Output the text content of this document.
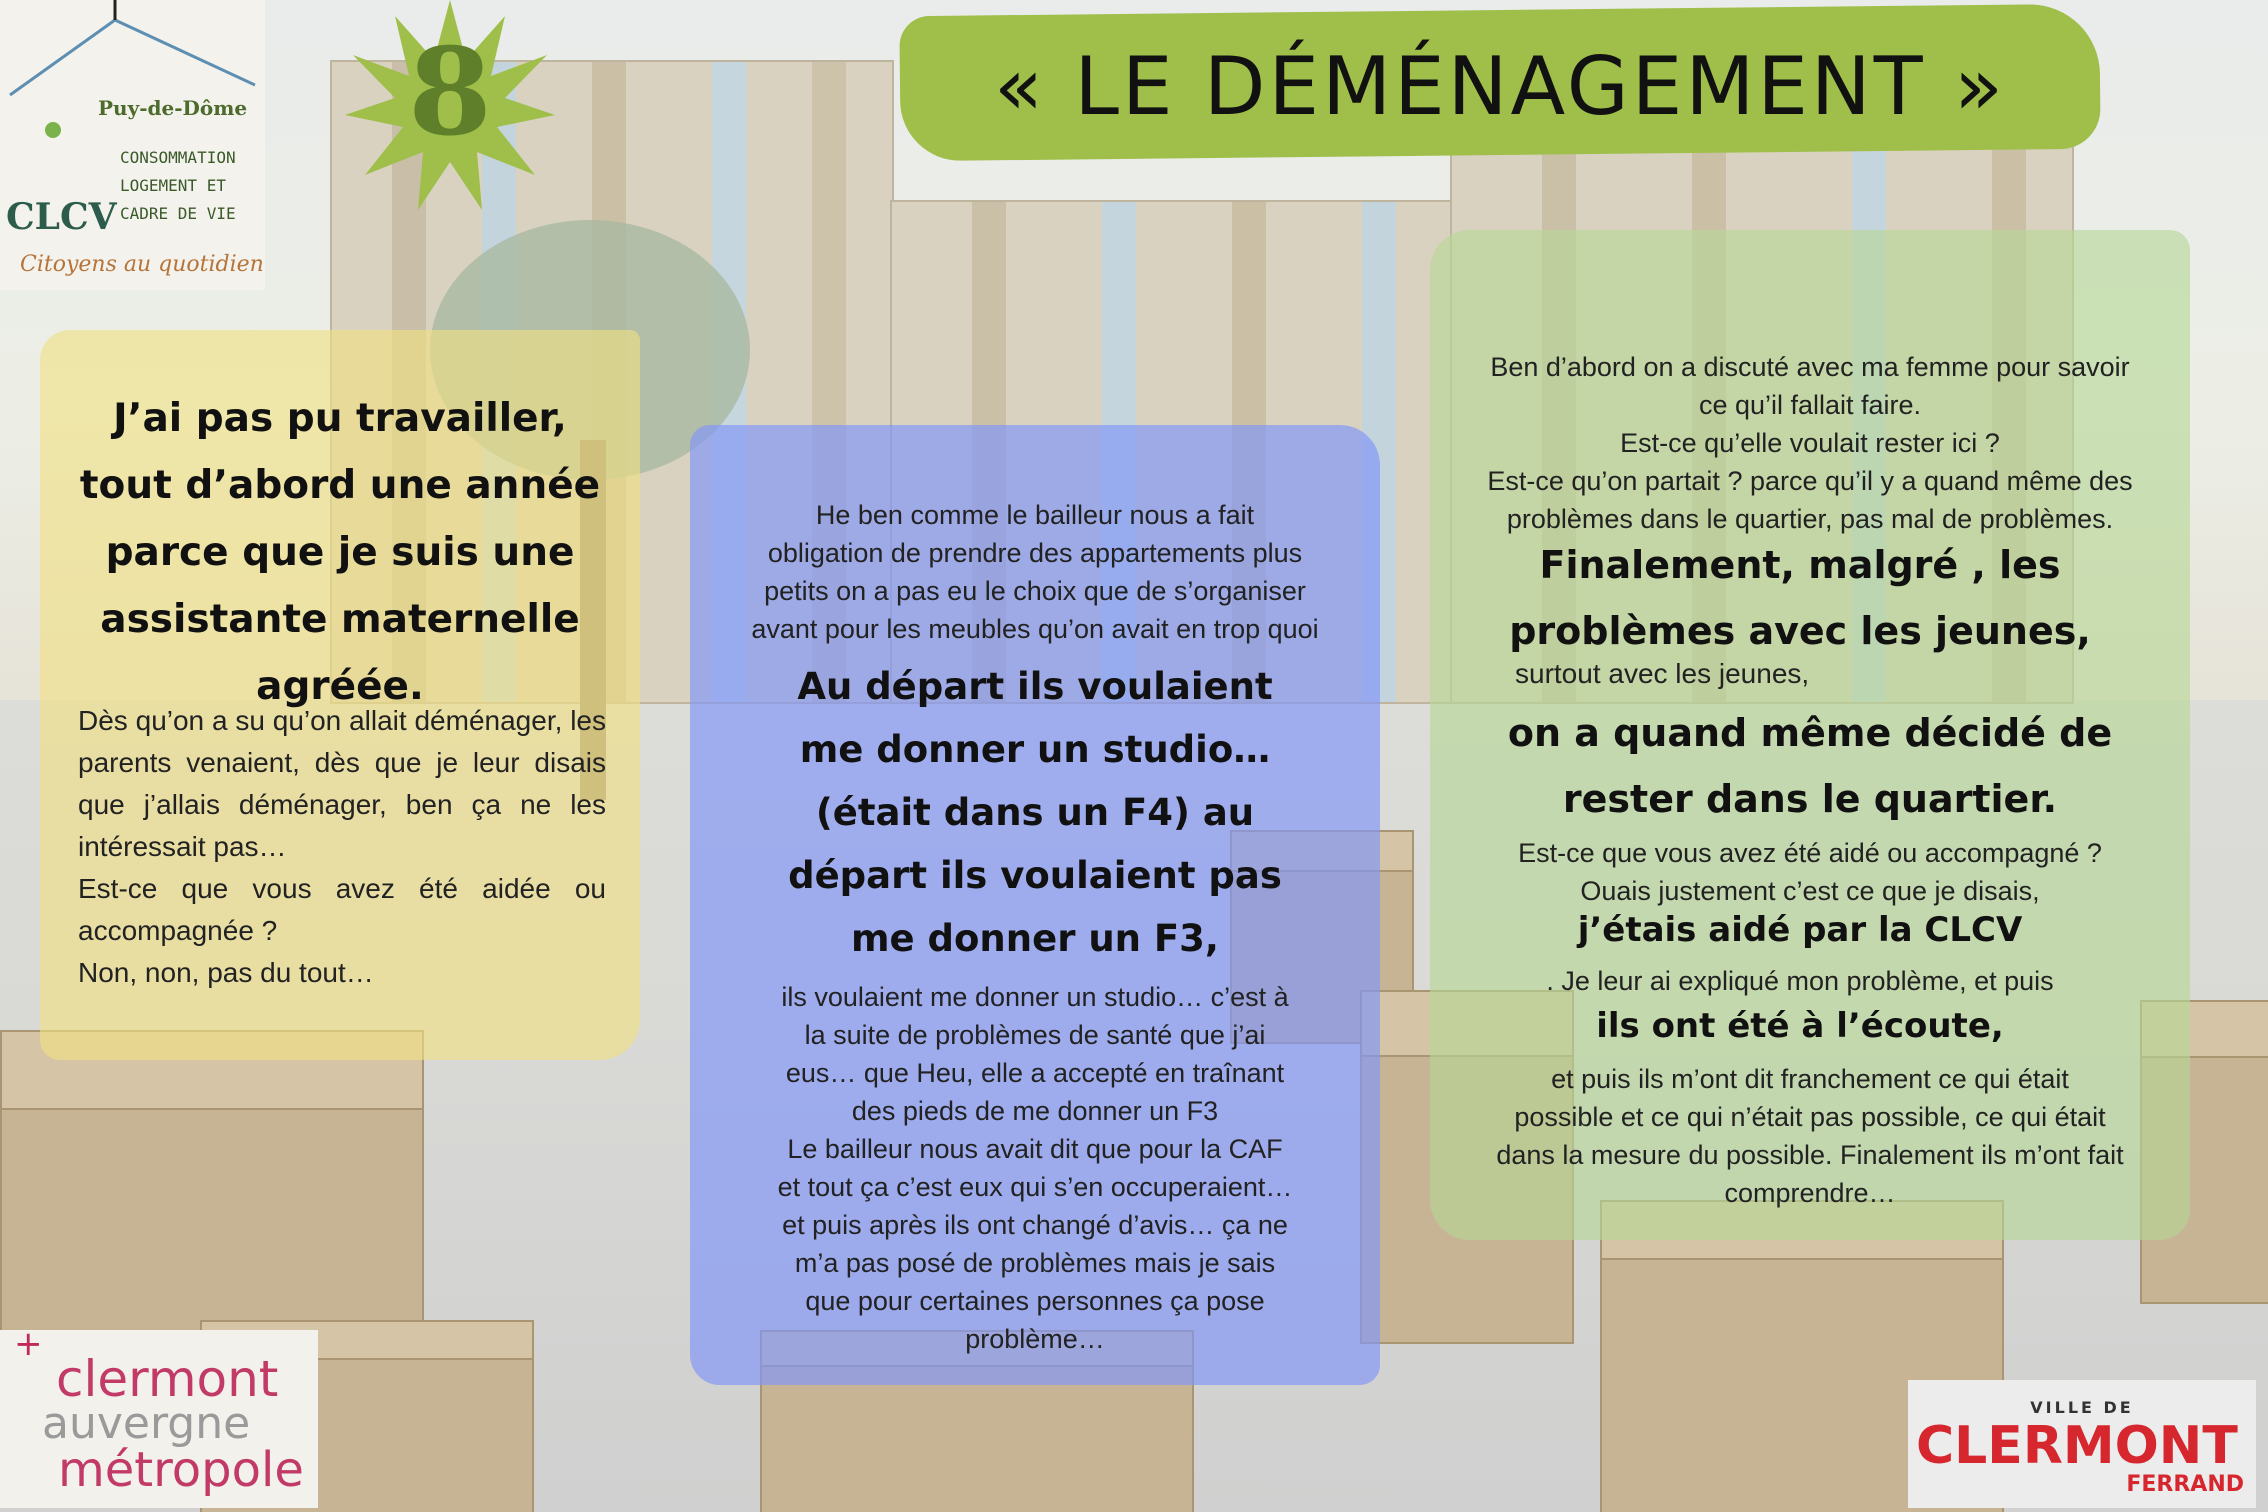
« LE DÉMÉNAGEMENT »
8
Puy-de-Dôme
CONSOMMATION
LOGEMENT ET
CLCV CADRE DE VIE
Citoyens au quotidien
+
clermont
auvergne
métropole
VILLE DE
CLERMONT
FERRAND
J’ai pas pu travailler,
tout d’abord une année
parce que je suis une
assistante maternelle
agréée.
Dès qu’on a su qu’on allait déménager, les parents venaient, dès que je leur disais que j’allais déménager, ben ça ne les intéressait pas…
Est-ce que vous avez été aidée ou accompagnée ?
Non, non, pas du tout…
He ben comme le bailleur nous a fait
obligation de prendre des appartements plus
petits on a pas eu le choix que de s’organiser
avant pour les meubles qu’on avait en trop quoi
Au départ ils voulaient
me donner un studio…
(était dans un F4) au
départ ils voulaient pas
me donner un F3,
ils voulaient me donner un studio… c’est à
la suite de problèmes de santé que j’ai
eus… que Heu, elle a accepté en traînant
des pieds de me donner un F3
Le bailleur nous avait dit que pour la CAF
et tout ça c’est eux qui s’en occuperaient…
et puis après ils ont changé d’avis… ça ne
m’a pas posé de problèmes mais je sais
que pour certaines personnes ça pose
problème…
Ben d’abord on a discuté avec ma femme pour savoir
ce qu’il fallait faire.
Est-ce qu’elle voulait rester ici ?
Est-ce qu’on partait ? parce qu’il y a quand même des
problèmes dans le quartier, pas mal de problèmes.
Finalement, malgré , les
problèmes avec les jeunes,
surtout avec les jeunes,
on a quand même décidé de
rester dans le quartier.
Est-ce que vous avez été aidé ou accompagné ?
Ouais justement c’est ce que je disais,
j’étais aidé par la CLCV
. Je leur ai expliqué mon problème, et puis
ils ont été à l’écoute,
et puis ils m’ont dit franchement ce qui était
possible et ce qui n’était pas possible, ce qui était
dans la mesure du possible. Finalement ils m’ont fait
comprendre…
